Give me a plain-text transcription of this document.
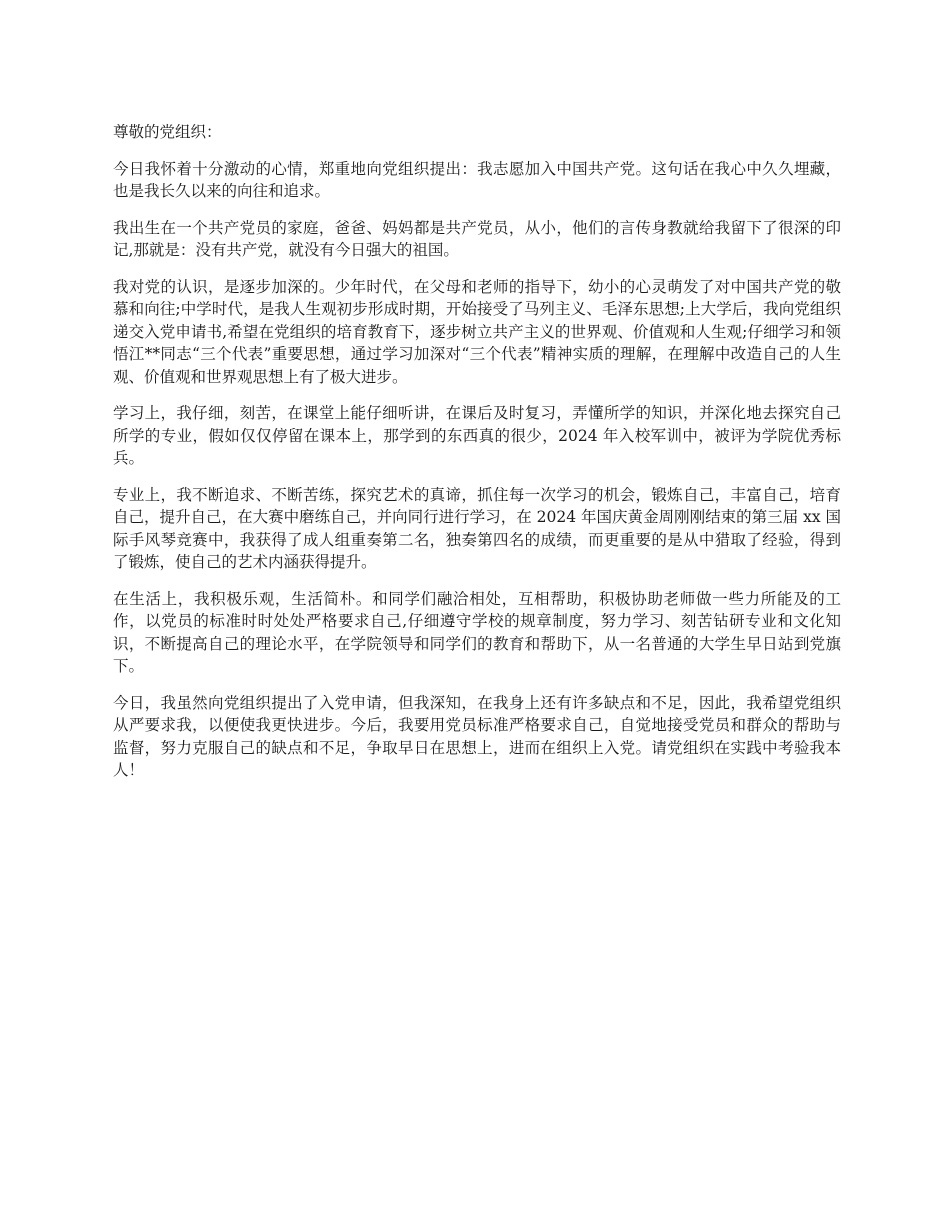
尊敬的党组织：

今日我怀着十分激动的心情，郑重地向党组织提出：我志愿加入中国共产党。这句话在我心中久久埋藏，也是我长久以来的向往和追求。

我出生在一个共产党员的家庭，爸爸、妈妈都是共产党员，从小，他们的言传身教就给我留下了很深的印记,那就是：没有共产党，就没有今日强大的祖国。

我对党的认识，是逐步加深的。少年时代，在父母和老师的指导下，幼小的心灵萌发了对中国共产党的敬慕和向往;中学时代，是我人生观初步形成时期，开始接受了马列主义、毛泽东思想;上大学后，我向党组织递交入党申请书,希望在党组织的培育教育下，逐步树立共产主义的世界观、价值观和人生观;仔细学习和领悟江**同志“三个代表”重要思想，通过学习加深对“三个代表”精神实质的理解，在理解中改造自己的人生观、价值观和世界观思想上有了极大进步。

学习上，我仔细，刻苦，在课堂上能仔细听讲，在课后及时复习，弄懂所学的知识，并深化地去探究自己所学的专业，假如仅仅停留在课本上，那学到的东西真的很少，2024 年入校军训中，被评为学院优秀标兵。

专业上，我不断追求、不断苦练，探究艺术的真谛，抓住每一次学习的机会，锻炼自己，丰富自己，培育自己，提升自己，在大赛中磨练自己，并向同行进行学习，在 2024 年国庆黄金周刚刚结束的第三届 xx 国际手风琴竞赛中，我获得了成人组重奏第二名，独奏第四名的成绩，而更重要的是从中猎取了经验，得到了锻炼，使自己的艺术内涵获得提升。

在生活上，我积极乐观，生活简朴。和同学们融洽相处，互相帮助，积极协助老师做一些力所能及的工作，以党员的标准时时处处严格要求自己,仔细遵守学校的规章制度，努力学习、刻苦钻研专业和文化知识，不断提高自己的理论水平，在学院领导和同学们的教育和帮助下，从一名普通的大学生早日站到党旗下。

今日，我虽然向党组织提出了入党申请，但我深知，在我身上还有许多缺点和不足，因此，我希望党组织从严要求我，以便使我更快进步。今后，我要用党员标准严格要求自己，自觉地接受党员和群众的帮助与监督，努力克服自己的缺点和不足，争取早日在思想上，进而在组织上入党。请党组织在实践中考验我本人！
